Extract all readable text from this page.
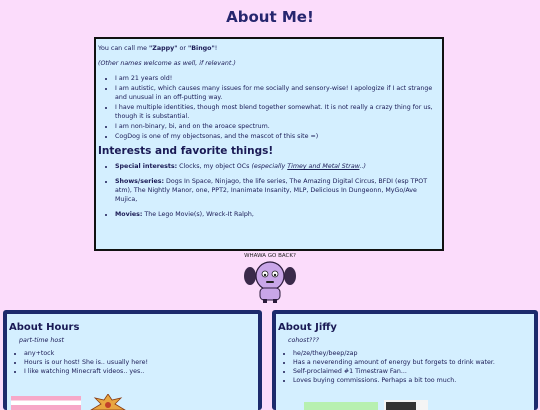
About Me!

You can call me "Zappy" or "Bingo"!

(Other names welcome as well, if relevant.)

• I am 21 years old!
• I am autistic, which causes many issues for me socially and sensory-wise! I apologize if I act strange and unusual in an off-putting way.
• I have multiple identities, though most blend together somewhat. It is not really a crazy thing for us, though it is substantial.
• I am non-binary, bi, and on the aroace spectrum.
• CogDog is one of my objectsonas, and the mascot of this site =)
Interests and favorite things!
• Special interests: Clocks, my object OCs (especially Timey and Metal Straw..)
• Shows/series: Dogs In Space, Ninjago, the life series, The Amazing Digital Circus, BFDI (esp TPOT atm), The Nightly Manor, one, PPT2, Inanimate Insanity, MLP, Delicious In Dungeonn, MyGo/Ave Mujica,
• Movies: The Lego Movie(s), Wreck-It Ralph,
WHAWA GO BACK?
About Hours
part-time host
• any+tock
• Hours is our host! She is.. usually here!
• I like watching Minecraft videos.. yes..
About Jiffy
cohost???
• he/ze/they/beep/zap
• Has a neverending amount of energy but forgets to drink water.
• Self-proclaimed #1 Timestraw Fan...
• Loves buying commissions. Perhaps a bit too much.
